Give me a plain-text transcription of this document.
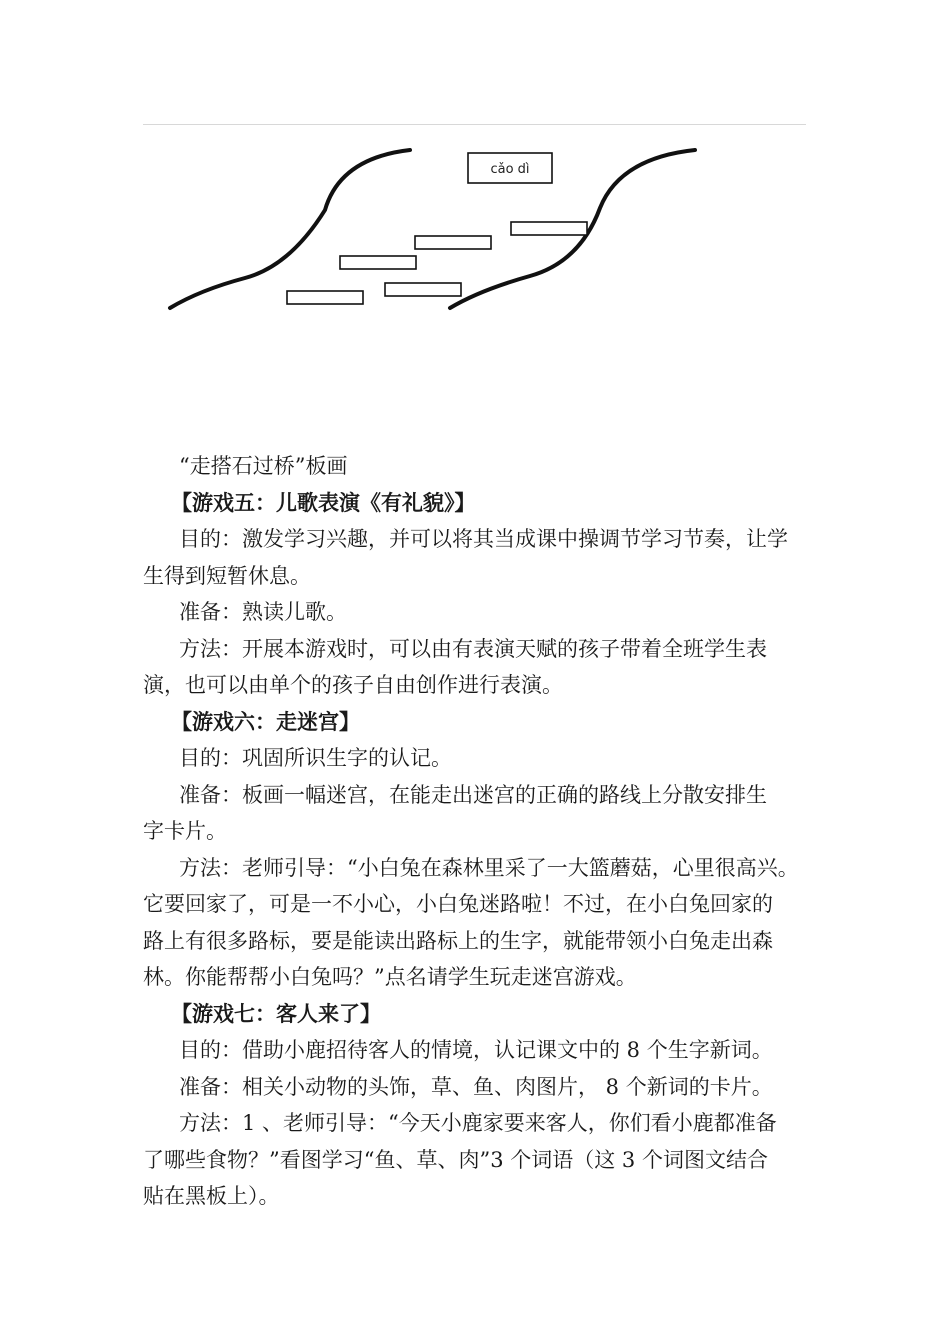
cǎo dì

“走搭石过桥”板画

【游戏五：儿歌表演《有礼貌》】

目的：激发学习兴趣，并可以将其当成课中操调节学习节奏，让学

生得到短暂休息。

准备：熟读儿歌。

方法：开展本游戏时，可以由有表演天赋的孩子带着全班学生表

演，也可以由单个的孩子自由创作进行表演。

【游戏六：走迷宫】

目的：巩固所识生字的认记。

准备：板画一幅迷宫，在能走出迷宫的正确的路线上分散安排生

字卡片。

方法：老师引导：“小白兔在森林里采了一大篮蘑菇，心里很高兴。

它要回家了，可是一不小心，小白兔迷路啦！不过，在小白兔回家的

路上有很多路标，要是能读出路标上的生字，就能带领小白兔走出森

林。你能帮帮小白兔吗？”点名请学生玩走迷宫游戏。

【游戏七：客人来了】

目的：借助小鹿招待客人的情境，认记课文中的 8 个生字新词。

准备：相关小动物的头饰，草、鱼、肉图片， 8 个新词的卡片。

方法：1 、老师引导：“今天小鹿家要来客人，你们看小鹿都准备

了哪些食物？”看图学习“鱼、草、肉”3 个词语（这 3 个词图文结合

贴在黑板上）。
